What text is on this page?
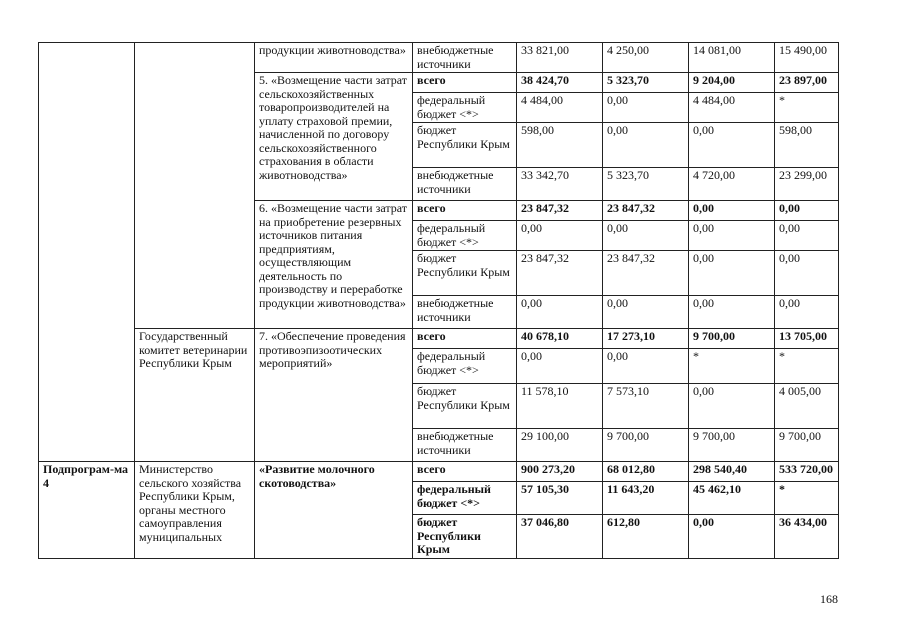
		продукции животноводства»	внебюджетные источники	33 821,00	4 250,00	14 081,00	15 490,00
		5. «Возмещение части затрат сельскохозяйственных товаропроизводителей на уплату страховой премии, начисленной по договору сельскохозяйственного страхования в области животноводства»	всего	38 424,70	5 323,70	9 204,00	23 897,00
			федеральный бюджет <*>	4 484,00	0,00	4 484,00	*
			бюджет Республики Крым	598,00	0,00	0,00	598,00
			внебюджетные источники	33 342,70	5 323,70	4 720,00	23 299,00
		6. «Возмещение части затрат на приобретение резервных источников питания предприятиям, осуществляющим деятельность по производству и переработке продукции животноводства»	всего	23 847,32	23 847,32	0,00	0,00
			федеральный бюджет <*>	0,00	0,00	0,00	0,00
			бюджет Республики Крым	23 847,32	23 847,32	0,00	0,00
			внебюджетные источники	0,00	0,00	0,00	0,00
	Государственный комитет ветеринарии Республики Крым	7. «Обеспечение проведения противоэпизоотических мероприятий»	всего	40 678,10	17 273,10	9 700,00	13 705,00
			федеральный бюджет <*>	0,00	0,00	*	*
			бюджет Республики Крым	11 578,10	7 573,10	0,00	4 005,00
			внебюджетные источники	29 100,00	9 700,00	9 700,00	9 700,00
Подпрограм-ма 4	Министерство сельского хозяйства Республики Крым, органы местного самоуправления муниципальных	«Развитие молочного скотоводства»	всего	900 273,20	68 012,80	298 540,40	533 720,00
			федеральный бюджет <*>	57 105,30	11 643,20	45 462,10	*
			бюджет Республики Крым	37 046,80	612,80	0,00	36 434,00
168
